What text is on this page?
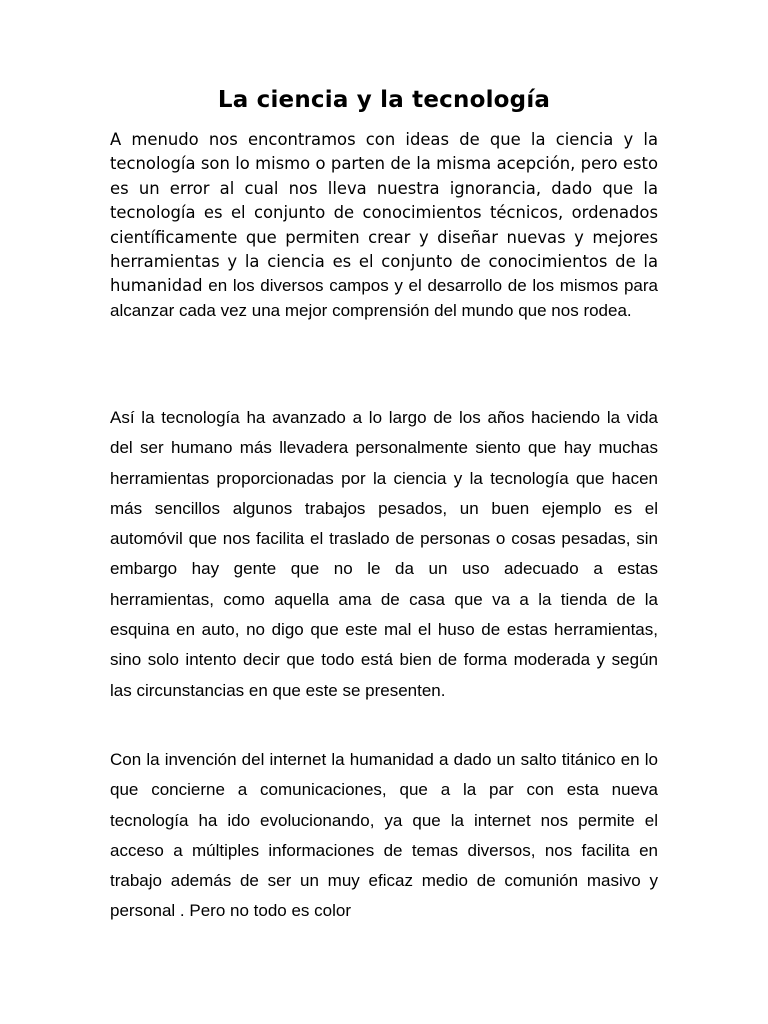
La ciencia y la tecnología

A menudo nos encontramos con ideas de que la ciencia y la tecnología son lo mismo o parten de la misma acepción, pero esto es un error al cual nos lleva nuestra ignorancia, dado que la tecnología es el conjunto de conocimientos técnicos, ordenados científicamente que permiten crear y diseñar nuevas y mejores herramientas y la ciencia es el conjunto de conocimientos de la humanidad en los diversos campos y el desarrollo de los mismos para alcanzar cada vez una mejor comprensión del mundo que nos rodea.

Así la tecnología ha avanzado a lo largo de los años haciendo la vida del ser humano más llevadera personalmente siento que hay muchas herramientas proporcionadas por la ciencia y la tecnología que hacen más sencillos algunos trabajos pesados, un buen ejemplo es el automóvil que nos facilita el traslado de personas o cosas pesadas, sin embargo hay gente que no le da un uso adecuado a estas herramientas, como aquella ama de casa que va a la tienda de la esquina en auto, no digo que este mal el huso de estas herramientas, sino solo intento decir que todo está bien de forma moderada y según las circunstancias en que este se presenten.

Con la invención del internet la humanidad a dado un salto titánico en lo que concierne a comunicaciones, que a la par con esta nueva tecnología ha ido evolucionando, ya que la internet nos permite el acceso a múltiples informaciones de temas diversos, nos facilita en trabajo además de ser un muy eficaz medio de comunión masivo y personal . Pero no todo es color
